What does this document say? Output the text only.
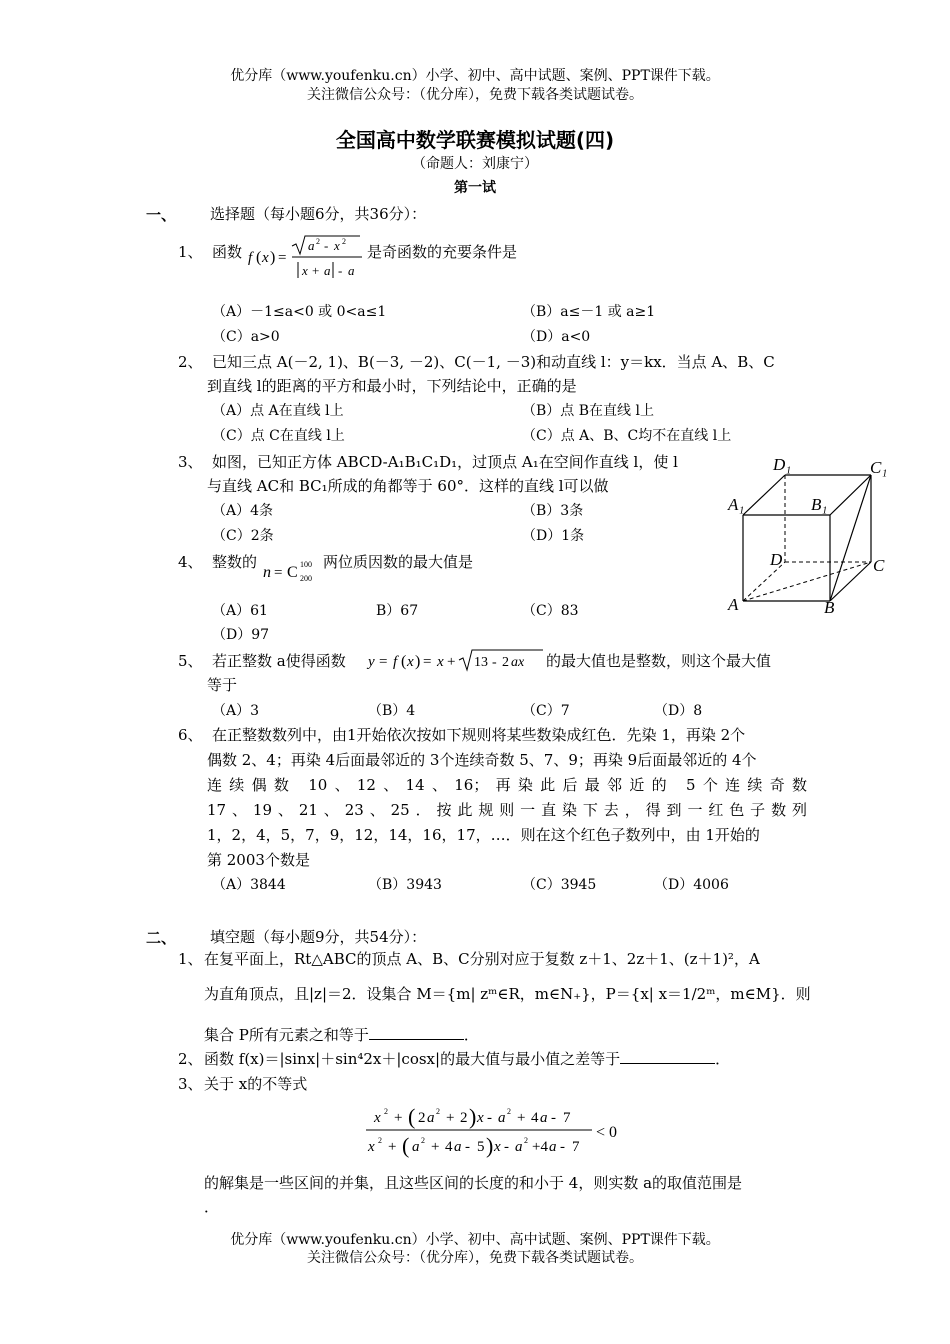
优分库（www.youfenku.cn）小学、初中、高中试题、案例、PPT课件下载。
关注微信公众号：（优分库），免费下载各类试题试卷。
全国高中数学联赛模拟试题(四)
（命题人：刘康宁）
第一试
一、 选择题（每小题6分，共36分）：
1、 函数 f ( x ) =
a 2 - x 2
x + a - a
是奇函数的充要条件是
（A）－1≤a<0 或 0<a≤1	（B）a≤－1 或 a≥1
（C）a>0	（D）a<0
2、 已知三点 A(－2, 1)、B(－3, －2)、C(－1, －3)和动直线 l：y＝kx．当点 A、B、C
到直线 l的距离的平方和最小时，下列结论中，正确的是
（A）点 A在直线 l上	（B）点 B在直线 l上
（C）点 C在直线 l上	（C）点 A、B、C均不在直线 l上
3、 如图，已知正方体 ABCD-A₁B₁C₁D₁，过顶点 A₁在空间作直线 l，使 l
与直线 AC和 BC₁所成的角都等于 60°．这样的直线 l可以做
（A）4条	（B）3条
（C）2条	（D）1条
D₁	C₁
A₁	B₁
D	C
A	B
4、 整数的
n = C 100
200
两位质因数的最大值是
（A）61	B）67	（C）83
（D）97
5、 若正整数 a使得函数 y = f ( x ) = x + 13 - 2 ax 的最大值也是整数，则这个最大值
等于
（A）3	（B）4	（C）7	（D）8
6、 在正整数数列中，由1开始依次按如下规则将某些数染成红色．先染 1，再染 2个
偶数 2、4；再染 4后面最邻近的 3个连续奇数 5、7、9；再染 9后面最邻近的 4个
连续偶数 10、12、14、16；再染此后最邻近的 5个连续奇数
17、19、21、23、25．按此规则一直染下去，得到一红色子数列
1，2，4，5，7，9，12，14，16，17，…．则在这个红色子数列中，由 1开始的
第 2003个数是
（A）3844	（B）3943	（C）3945	（D）4006
二、 填空题（每小题9分，共54分）：
1、 在复平面上，Rt△ABC的顶点 A、B、C分别对应于复数 z＋1、2z＋1、(z＋1)²，A
为直角顶点，且|z|＝2．设集合 M＝{m| zᵐ∈R，m∈N₊}，P＝{x| x＝1/2ᵐ，m∈M}．则
集合 P所有元素之和等于	．
2、 函数 f(x)＝|sinx|＋sin⁴2x＋|cosx|的最大值与最小值之差等于	．
3、 关于 x的不等式
x 2 + ( 2 a 2 + 2 ) x - a 2 + 4 a - 7
x 2 + ( a 2 + 4 a - 5 ) x - a 2 +4 a - 7
< 0
的解集是一些区间的并集，且这些区间的长度的和小于 4，则实数 a的取值范围是
．
优分库（www.youfenku.cn）小学、初中、高中试题、案例、PPT课件下载。
关注微信公众号：（优分库），免费下载各类试题试卷。
